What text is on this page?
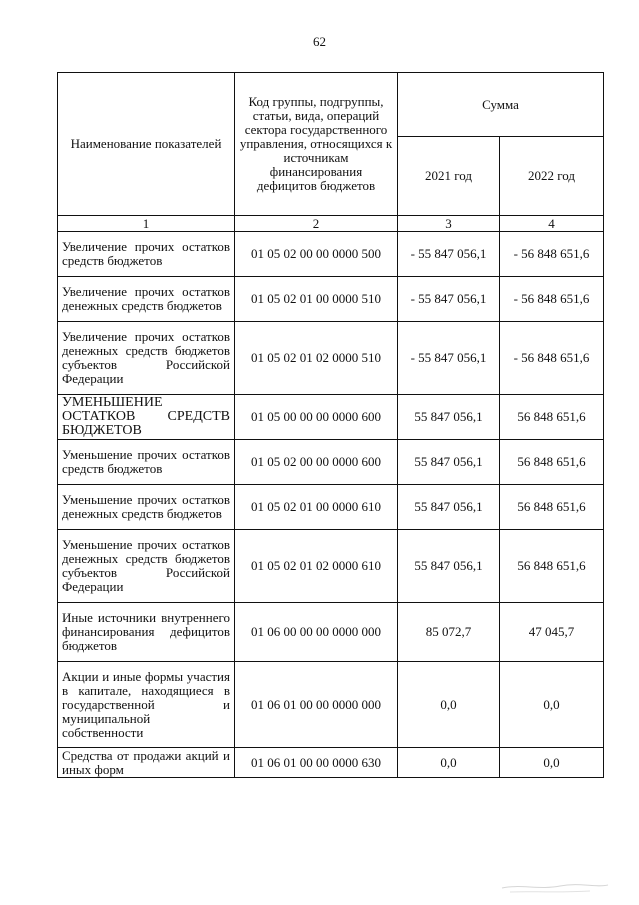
62
Наименование показателей	Код группы, подгруппы, статьи, вида, операций сектора государственного управления, относящихся к источникам финансирования дефицитов бюджетов	Сумма	
		2021 год	2022 год
1	2	3	4
Увеличение прочих остатков средств бюджетов	01 05 02 00 00 0000 500	- 55 847 056,1	- 56 848 651,6
Увеличение прочих остатков денежных средств бюджетов	01 05 02 01 00 0000 510	- 55 847 056,1	- 56 848 651,6
Увеличение прочих остатков денежных средств бюджетов субъектов Российской Федерации	01 05 02 01 02 0000 510	- 55 847 056,1	- 56 848 651,6
УМЕНЬШЕНИЕ ОСТАТКОВ СРЕДСТВ БЮДЖЕТОВ	01 05 00 00 00 0000 600	55 847 056,1	56 848 651,6
Уменьшение прочих остатков средств бюджетов	01 05 02 00 00 0000 600	55 847 056,1	56 848 651,6
Уменьшение прочих остатков денежных средств бюджетов	01 05 02 01 00 0000 610	55 847 056,1	56 848 651,6
Уменьшение прочих остатков денежных средств бюджетов субъектов Российской Федерации	01 05 02 01 02 0000 610	55 847 056,1	56 848 651,6
Иные источники внутреннего финансирования дефицитов бюджетов	01 06 00 00 00 0000 000	85 072,7	47 045,7
Акции и иные формы участия в капитале, находящиеся в государственной и муниципальной собственности	01 06 01 00 00 0000 000	0,0	0,0
Средства от продажи акций и иных форм	01 06 01 00 00 0000 630	0,0	0,0
